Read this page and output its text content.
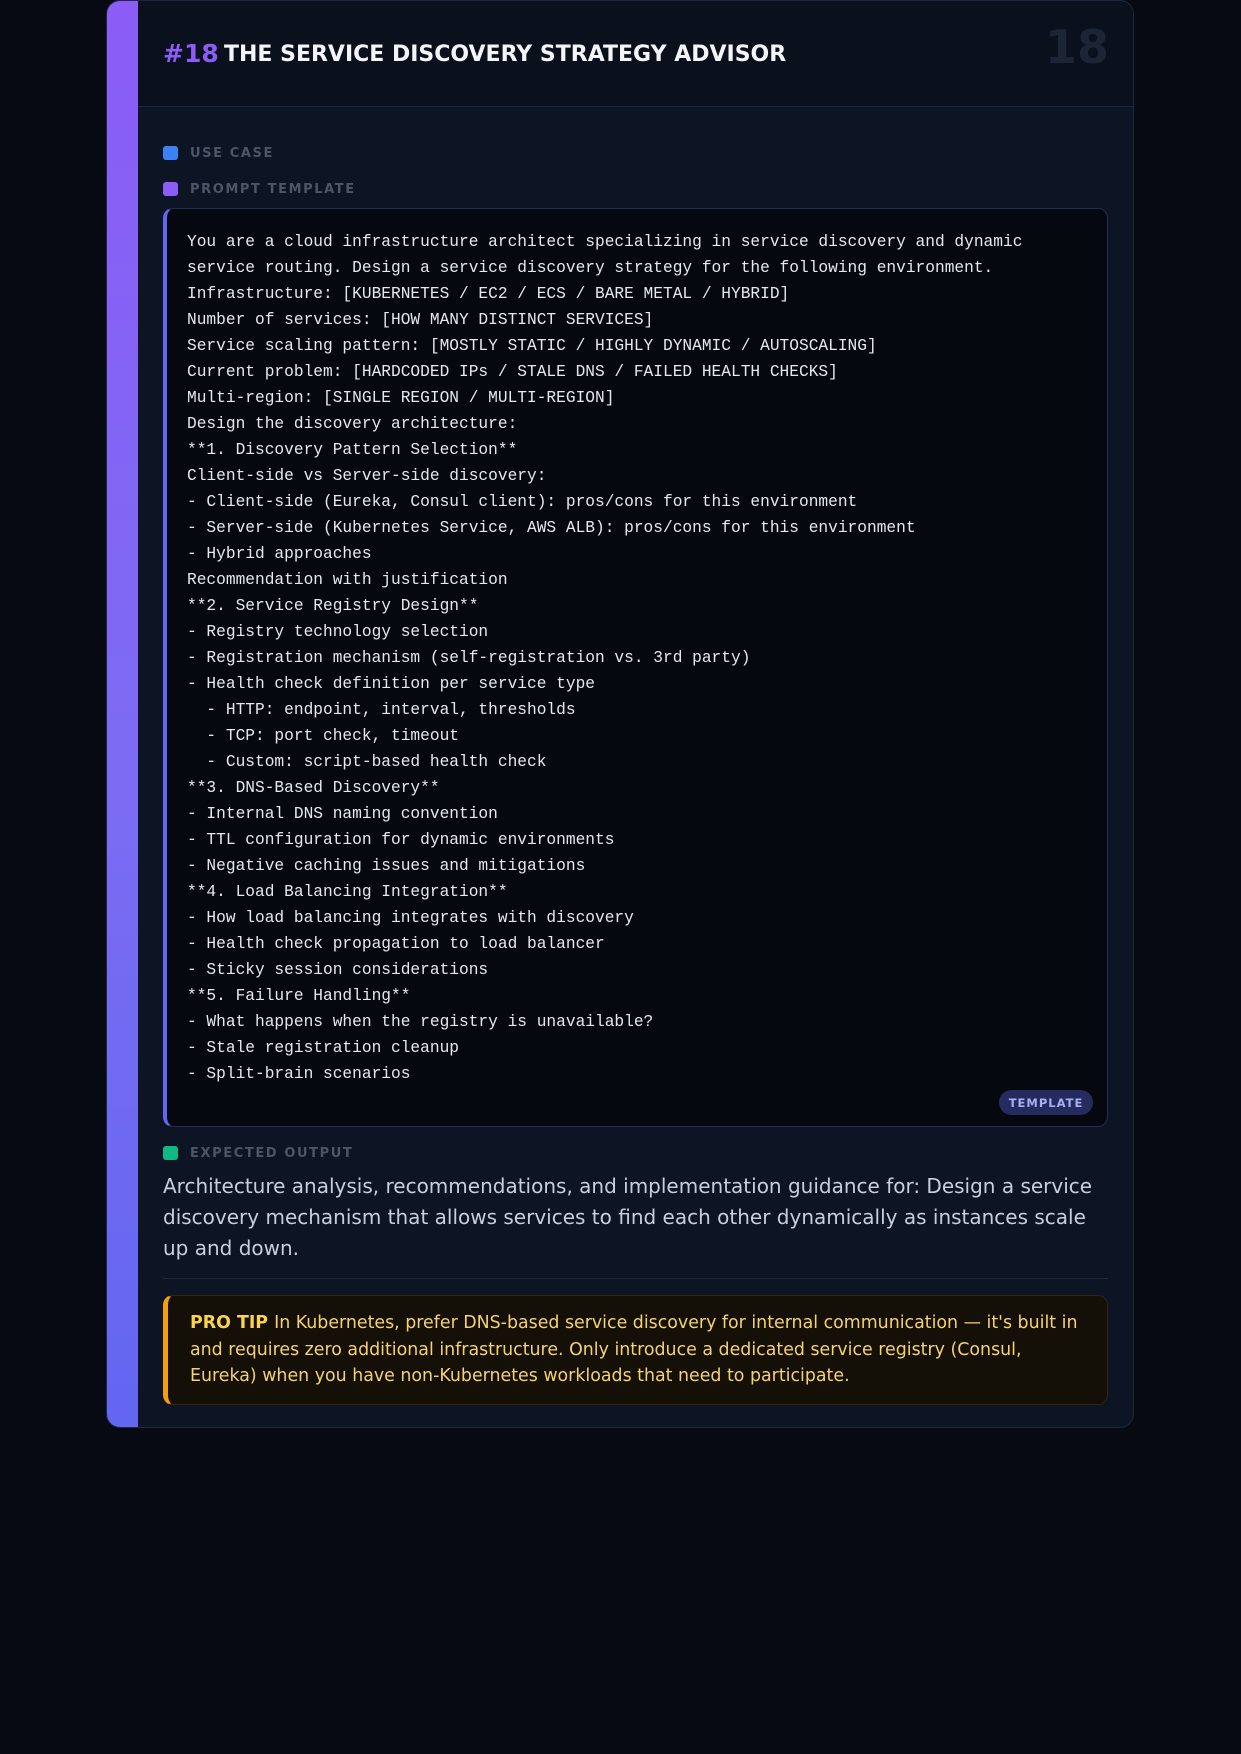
#18 THE SERVICE DISCOVERY STRATEGY ADVISOR	18
USE CASE
PROMPT TEMPLATE
You are a cloud infrastructure architect specializing in service discovery and dynamic
service routing. Design a service discovery strategy for the following environment.
Infrastructure: [KUBERNETES / EC2 / ECS / BARE METAL / HYBRID]
Number of services: [HOW MANY DISTINCT SERVICES]
Service scaling pattern: [MOSTLY STATIC / HIGHLY DYNAMIC / AUTOSCALING]
Current problem: [HARDCODED IPs / STALE DNS / FAILED HEALTH CHECKS]
Multi-region: [SINGLE REGION / MULTI-REGION]
Design the discovery architecture:
**1. Discovery Pattern Selection**
Client-side vs Server-side discovery:
- Client-side (Eureka, Consul client): pros/cons for this environment
- Server-side (Kubernetes Service, AWS ALB): pros/cons for this environment
- Hybrid approaches
Recommendation with justification
**2. Service Registry Design**
- Registry technology selection
- Registration mechanism (self-registration vs. 3rd party)
- Health check definition per service type
- HTTP: endpoint, interval, thresholds
- TCP: port check, timeout
- Custom: script-based health check
**3. DNS-Based Discovery**
- Internal DNS naming convention
- TTL configuration for dynamic environments
- Negative caching issues and mitigations
**4. Load Balancing Integration**
- How load balancing integrates with discovery
- Health check propagation to load balancer
- Sticky session considerations
**5. Failure Handling**
- What happens when the registry is unavailable?
- Stale registration cleanup
- Split-brain scenarios
TEMPLATE
EXPECTED OUTPUT

Architecture analysis, recommendations, and implementation guidance for: Design a service discovery mechanism that allows services to find each other dynamically as instances scale up and down.

PRO TIP In Kubernetes, prefer DNS-based service discovery for internal communication — it's built in and requires zero additional infrastructure. Only introduce a dedicated service registry (Consul, Eureka) when you have non-Kubernetes workloads that need to participate.
